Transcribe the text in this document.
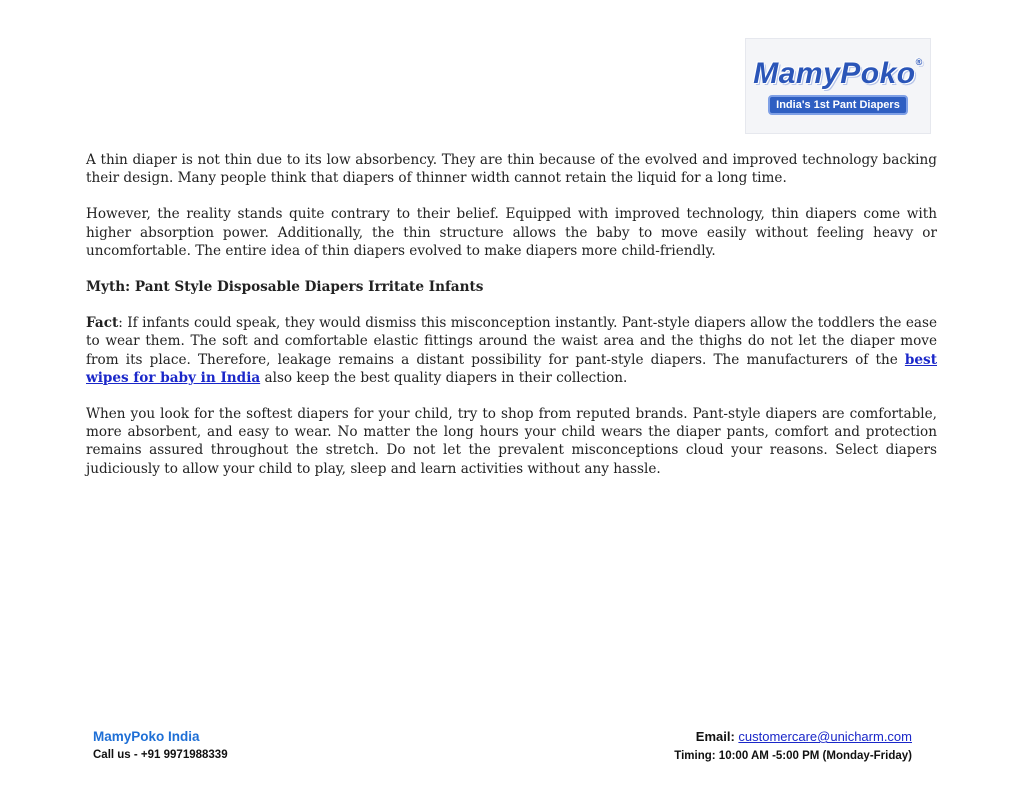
MamyPoko®
India's 1st Pant Diapers

A thin diaper is not thin due to its low absorbency. They are thin because of the evolved and improved technology backing their design. Many people think that diapers of thinner width cannot retain the liquid for a long time.

However, the reality stands quite contrary to their belief. Equipped with improved technology, thin diapers come with higher absorption power. Additionally, the thin structure allows the baby to move easily without feeling heavy or uncomfortable. The entire idea of thin diapers evolved to make diapers more child-friendly.

Myth: Pant Style Disposable Diapers Irritate Infants

Fact: If infants could speak, they would dismiss this misconception instantly. Pant-style diapers allow the toddlers the ease to wear them. The soft and comfortable elastic fittings around the waist area and the thighs do not let the diaper move from its place. Therefore, leakage remains a distant possibility for pant-style diapers. The manufacturers of the best wipes for baby in India also keep the best quality diapers in their collection.

When you look for the softest diapers for your child, try to shop from reputed brands. Pant-style diapers are comfortable, more absorbent, and easy to wear. No matter the long hours your child wears the diaper pants, comfort and protection remains assured throughout the stretch. Do not let the prevalent misconceptions cloud your reasons. Select diapers judiciously to allow your child to play, sleep and learn activities without any hassle.

MamyPoko India
Call us - +91 9971988339
Email: customercare@unicharm.com
Timing: 10:00 AM -5:00 PM (Monday-Friday)
